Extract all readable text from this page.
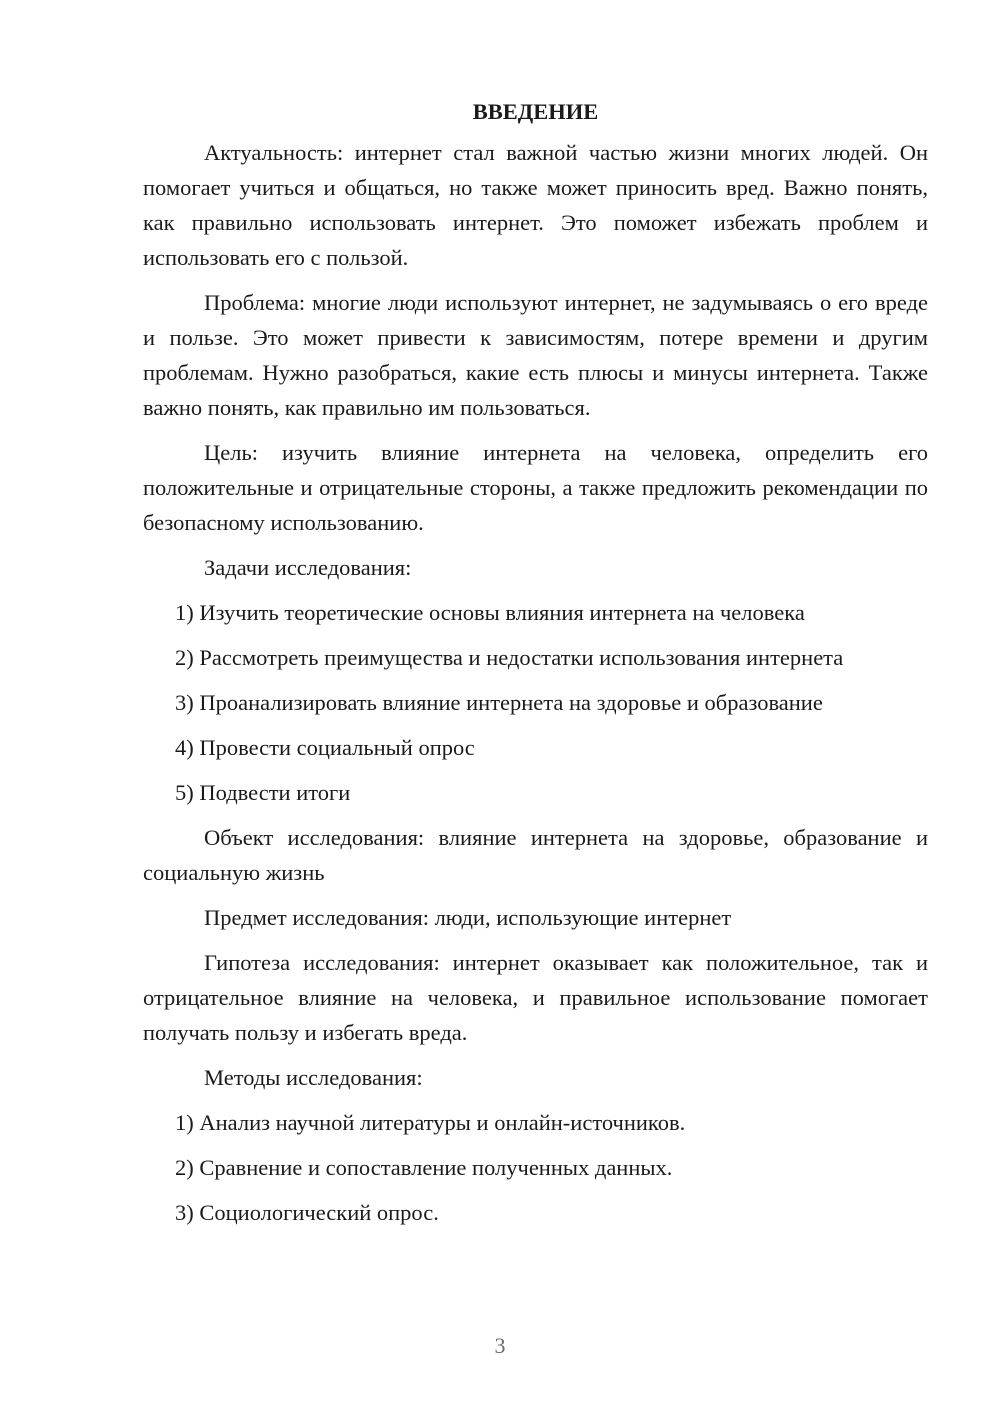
ВВЕДЕНИЕ

Актуальность: интернет стал важной частью жизни многих людей. Он помогает учиться и общаться, но также может приносить вред. Важно понять, как правильно использовать интернет. Это поможет избежать проблем и использовать его с пользой.

Проблема: многие люди используют интернет, не задумываясь о его вреде и пользе. Это может привести к зависимостям, потере времени и другим проблемам. Нужно разобраться, какие есть плюсы и минусы интернета. Также важно понять, как правильно им пользоваться.

Цель: изучить влияние интернета на человека, определить его положительные и отрицательные стороны, а также предложить рекомендации по безопасному использованию.

Задачи исследования:

1) Изучить теоретические основы влияния интернета на человека
2) Рассмотреть преимущества и недостатки использования интернета
3) Проанализировать влияние интернета на здоровье и образование
4) Провести социальный опрос
5) Подвести итоги

Объект исследования: влияние интернета на здоровье, образование и социальную жизнь

Предмет исследования: люди, использующие интернет

Гипотеза исследования: интернет оказывает как положительное, так и отрицательное влияние на человека, и правильное использование помогает получать пользу и избегать вреда.

Методы исследования:

1) Анализ научной литературы и онлайн-источников.
2) Сравнение и сопоставление полученных данных.
3) Социологический опрос.
3
